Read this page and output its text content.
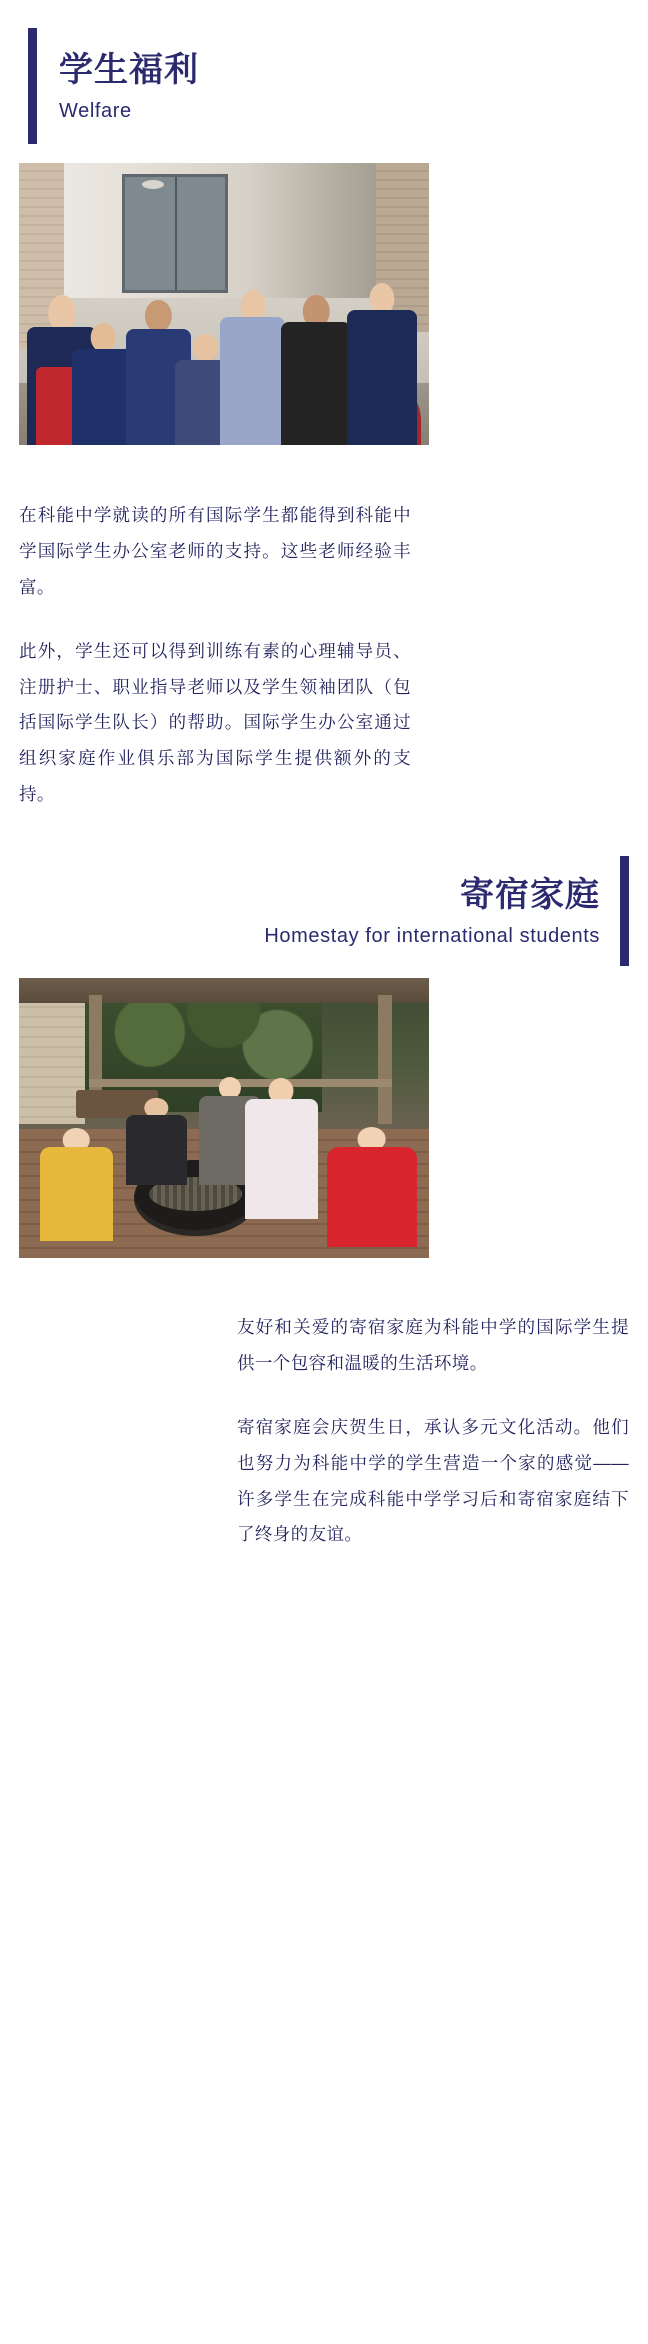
学生福利
Welfare

在科能中学就读的所有国际学生都能得到科能中学国际学生办公室老师的支持。这些老师经验丰富。

此外，学生还可以得到训练有素的心理辅导员、注册护士、职业指导老师以及学生领袖团队（包括国际学生队长）的帮助。国际学生办公室通过组织家庭作业俱乐部为国际学生提供额外的支持。

寄宿家庭
Homestay for international students

友好和关爱的寄宿家庭为科能中学的国际学生提供一个包容和温暖的生活环境。

寄宿家庭会庆贺生日，承认多元文化活动。他们也努力为科能中学的学生营造一个家的感觉——许多学生在完成科能中学学习后和寄宿家庭结下了终身的友谊。
